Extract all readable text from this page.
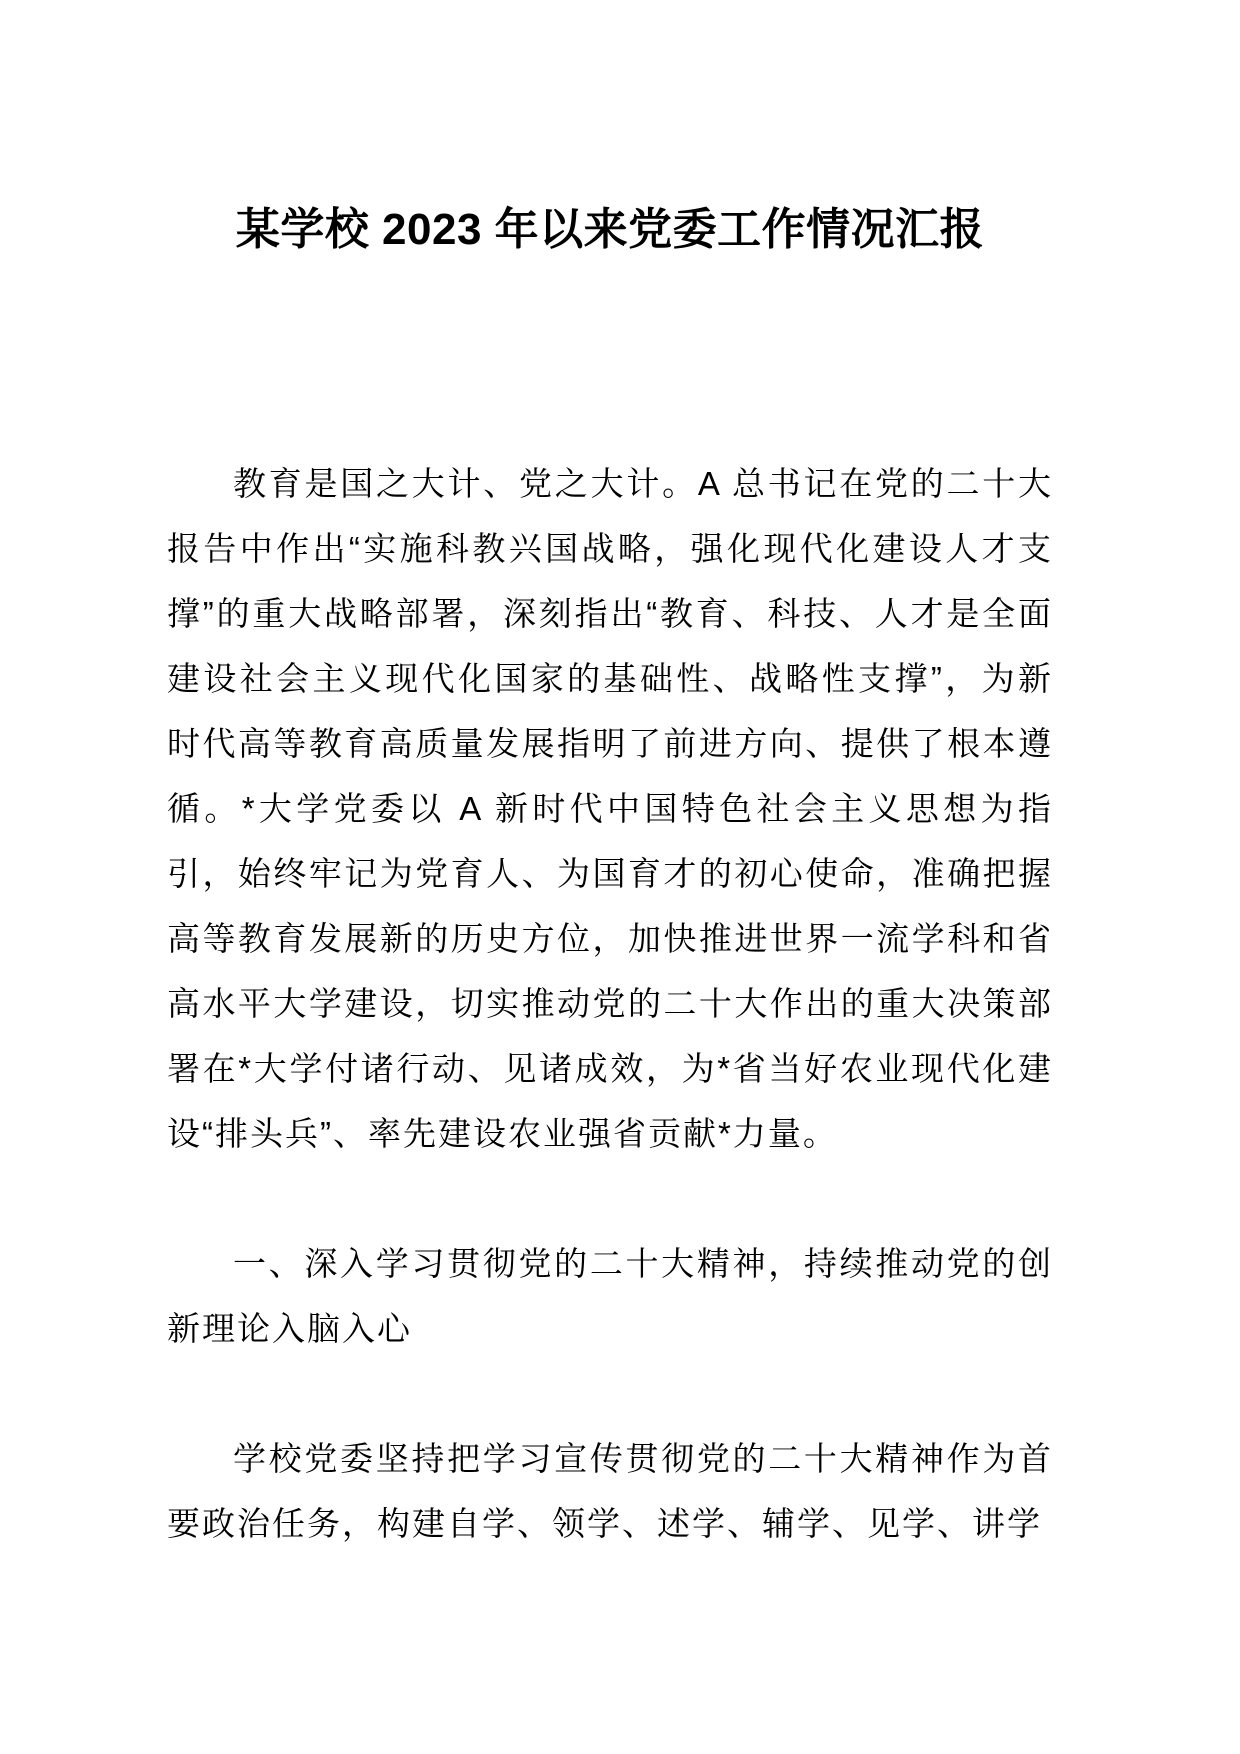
某学校 2023 年以来党委工作情况汇报

教育是国之大计、党之大计。A 总书记在党的二十大报告中作出“实施科教兴国战略，强化现代化建设人才支撑”的重大战略部署，深刻指出“教育、科技、人才是全面建设社会主义现代化国家的基础性、战略性支撑”，为新时代高等教育高质量发展指明了前进方向、提供了根本遵循。*大学党委以 A 新时代中国特色社会主义思想为指引，始终牢记为党育人、为国育才的初心使命，准确把握高等教育发展新的历史方位，加快推进世界一流学科和省高水平大学建设，切实推动党的二十大作出的重大决策部署在*大学付诸行动、见诸成效，为*省当好农业现代化建设“排头兵”、率先建设农业强省贡献*力量。

一、深入学习贯彻党的二十大精神，持续推动党的创新理论入脑入心

学校党委坚持把学习宣传贯彻党的二十大精神作为首要政治任务，构建自学、领学、述学、辅学、见学、讲学
